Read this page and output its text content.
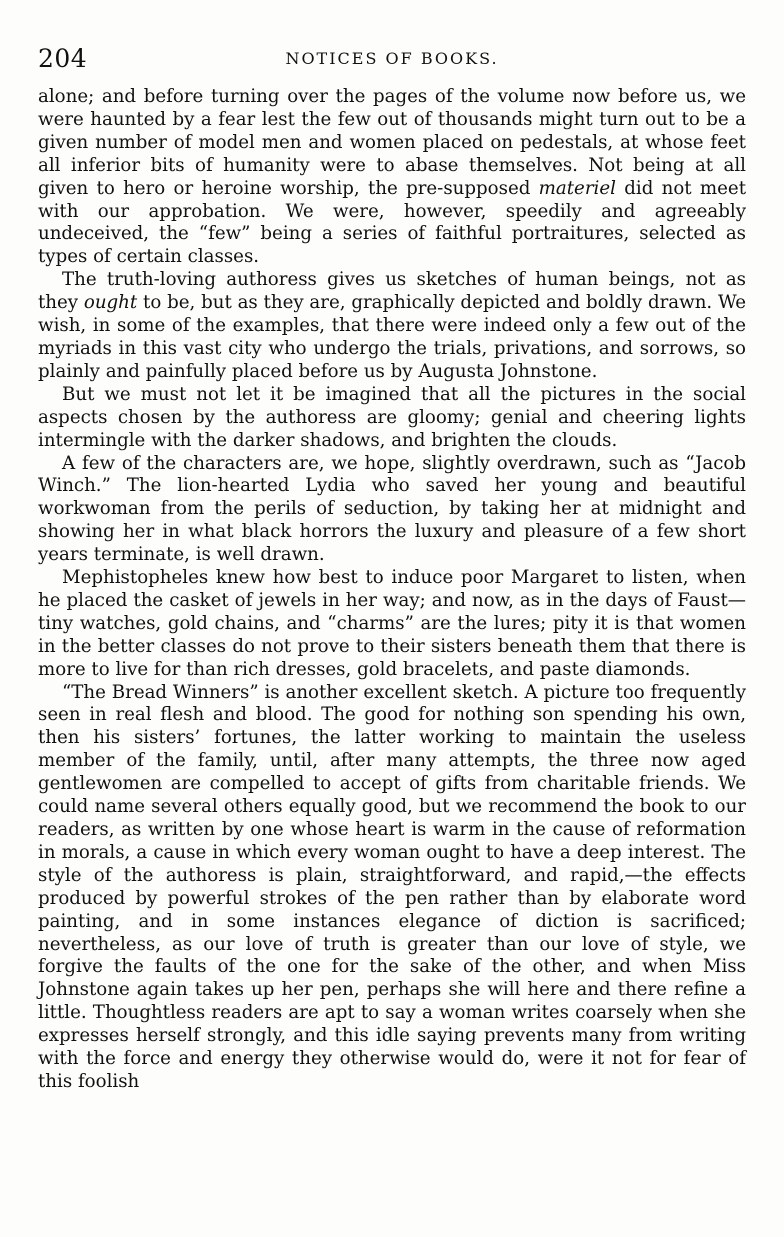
204	NOTICES OF BOOKS.

alone; and before turning over the pages of the volume now before us, we were haunted by a fear lest the few out of thousands might turn out to be a given number of model men and women placed on pedestals, at whose feet all inferior bits of humanity were to abase themselves. Not being at all given to hero or heroine worship, the pre-supposed materiel did not meet with our approbation. We were, however, speedily and agreeably undeceived, the “few” being a series of faithful portraitures, selected as types of certain classes.

The truth-loving authoress gives us sketches of human beings, not as they ought to be, but as they are, graphically depicted and boldly drawn. We wish, in some of the examples, that there were indeed only a few out of the myriads in this vast city who undergo the trials, privations, and sorrows, so plainly and painfully placed before us by Augusta Johnstone.

But we must not let it be imagined that all the pictures in the social aspects chosen by the authoress are gloomy; genial and cheering lights intermingle with the darker shadows, and brighten the clouds.

A few of the characters are, we hope, slightly overdrawn, such as “Jacob Winch.” The lion-hearted Lydia who saved her young and beautiful workwoman from the perils of seduction, by taking her at midnight and showing her in what black horrors the luxury and pleasure of a few short years terminate, is well drawn.

Mephistopheles knew how best to induce poor Margaret to listen, when he placed the casket of jewels in her way; and now, as in the days of Faust—tiny watches, gold chains, and “charms” are the lures; pity it is that women in the better classes do not prove to their sisters beneath them that there is more to live for than rich dresses, gold bracelets, and paste diamonds.

“The Bread Winners” is another excellent sketch. A picture too frequently seen in real flesh and blood. The good for nothing son spending his own, then his sisters’ fortunes, the latter working to maintain the useless member of the family, until, after many attempts, the three now aged gentlewomen are compelled to accept of gifts from charitable friends. We could name several others equally good, but we recommend the book to our readers, as written by one whose heart is warm in the cause of reformation in morals, a cause in which every woman ought to have a deep interest. The style of the authoress is plain, straightforward, and rapid,—the effects produced by powerful strokes of the pen rather than by elaborate word painting, and in some instances elegance of diction is sacrificed; nevertheless, as our love of truth is greater than our love of style, we forgive the faults of the one for the sake of the other, and when Miss Johnstone again takes up her pen, perhaps she will here and there refine a little. Thoughtless readers are apt to say a woman writes coarsely when she expresses herself strongly, and this idle saying prevents many from writing with the force and energy they otherwise would do, were it not for fear of this foolish
